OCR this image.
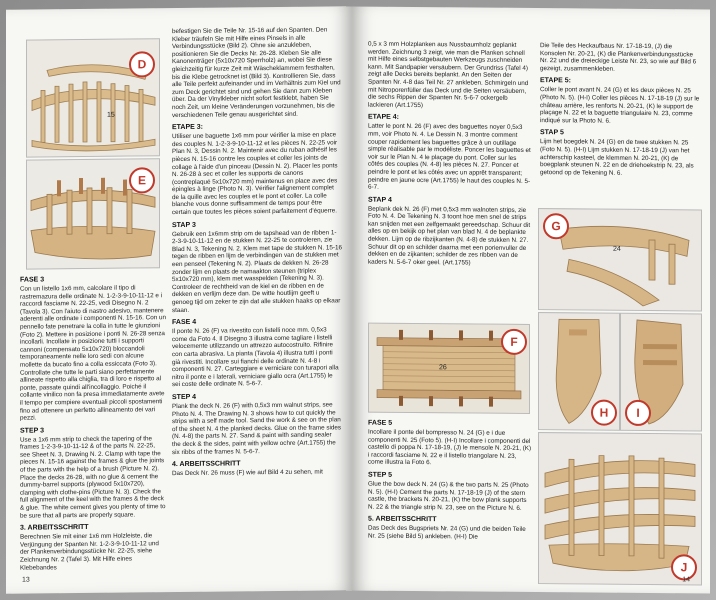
D
15
E
FASE 3

Con un listello 1x6 mm, calcolare il tipo di rastremazura delle ordinate N. 1-2-3-9-10-11-12 e i raccordi fasciame N. 22-25, vedi Disegno N. 2 (Tavola 3). Con l'aiuto di nastro adesivo, mantenere aderenti alle ordinate i componenti N. 15-16. Con un pennello fate penetrare la colla in tutte le giunzioni (Foto 2). Mettere in posizione i ponti N. 26-28 senza incollarli. Incollate in posizione tutti i supporti cannoni (compensato 5x10x720) bloccandoli temporaneamente nelle loro sedi con alcune mollette da bucato fino a colla essiccata (Foto 3). Controllate che tutte le parti siano perfettamente allineate rispetto alla chiglia, tra di loro e rispetto al ponte, passate quindi all'incollaggio. Poiché il collante vinilico non fa presa immediatamente avete il tempo per compiere eventuali piccoli spostamenti fino ad ottenere un perfetto allineamento dei vari pezzi.

STEP 3

Use a 1x6 mm strip to check the tapering of the frames 1-2-3-9-10-11-12 & of the parts N. 22-25, see Sheet N. 3, Drawing N. 2. Clamp with tape the pieces N. 15-16 against the frames & glue the joints of the parts with the help of a brush (Picture N. 2). Place the decks 26-28, with no glue & cement the dummy-barrel supports (plywood 5x10x720), clamping with clothe-pins (Picture N. 3). Check the full alignment of the keel with the frames & the deck & glue. The white cement gives you plenty of time to be sure that all parts are properly square.

3. ARBEITSSCHRITT

Berechnen Sie mit einer 1x6 mm Holzleiste, die Verjüngung der Spanten Nr. 1-2-3-9-10-11-12 und der Plankenverbindungsstücke Nr. 22-25, siehe Zeichnung Nr. 2 (Tafel 3). Mit Hilfe eines Klebebandes

befestigen Sie die Teile Nr. 15-16 auf den Spanten. Den Kleber träufeln Sie mit Hilfe eines Pinsels in alle Verbindungsstücke (Bild 2). Ohne sie anzukleben, positionieren Sie die Decks Nr. 26-28. Kleben Sie alle Kanonenträger (5x10x720 Sperrholz) an, wobei Sie diese gleichzeitig für kurze Zeit mit Wäscheklammern festhalten, bis die Klebe getrocknet ist (Bild 3). Kontrollieren Sie, dass alle Teile perfekt aufeinander und im Verhältnis zum Kiel und zum Deck gerichtet sind und gehen Sie dann zum Kleben über. Da der Vinylkleber nicht sofort festklebt, haben Sie noch Zeit, um kleine Veränderungen vorzunehmen, bis die verschiedenen Teile genau ausgerichtet sind.

ETAPE 3:

Utiliser une baguette 1x6 mm pour vérifier la mise en place des couples N. 1-2-3-9-10-11-12 et les pièces N. 22-25 voir Plan N. 3, Dessin N. 2. Maintenir avec du ruban adhésif les pièces N. 15-16 contre les couples et coller les joints de collage à l'aide d'un pinceau (Dessin N. 2). Placer les ponts N. 26-28 à sec et coller les supports de canons (contreplaqué 5x10x720 mm) maintenus en place avec des épingles à linge (Photo N. 3). Vérifier l'alignement complet de la quille avec les couples et le pont et coller. La colle blanche vous donne suffisamment de temps pour être certain que toutes les pièces soient parfaitement d'équerre.

STAP 3

Gebruik een 1x6mm strip om de tapshead van de ribben 1-2-3-9-10-11-12 en de stukken N. 22-25 te controleren, zie Blad N. 3, Tekening N. 2. Klem met tape de stukken N. 15-16 tegen de ribben en lijm de verbindingen van de stukken met een penseel (Tekening N. 2). Plaats de dekken N. 26-28 zonder lijm en plaats de namaakton steunen (triplex 5x10x720 mm), klem met wasspelden (Tekening N. 3). Controleer de rechtheid van de kiel en de ribben en de dekken en verlijm deze dan. De witte houtlijm geeft u genoeg tijd om zeker te zijn dat alle stukken haaks op elkaar staan.

FASE 4

Il ponte N. 26 (F) va rivestito con listelli noce mm. 0,5x3 come da Foto 4. Il Disegno 3 illustra come tagliare i listelli velocemente utilizzando un attrezzo autocostruito. Rifinire con carta abrasiva. La pianta (Tavola 4) illustra tutti i ponti già rivestiti. Incollare sui fianchi delle ordinate N. 4-8 i componenti N. 27. Carteggiare e verniciare con turapori alla nitro il ponte e i laterali, verniciare giallo ocra (Art.1755) le sei coste delle ordinate N. 5-6-7.

STEP 4

Plank the deck N. 26 (F) with 0,5x3 mm walnut strips, see Photo N. 4. The Drawing N. 3 shows how to cut quickly the strips with a self made tool. Sand the work & see on the plan of the sheet N. 4 the planked decks. Glue on the frame sides (N. 4-8) the parts N. 27. Sand & paint with sanding sealer the deck & the sides, paint with yellow ochre (Art.1755) the six ribbs of the frames N. 5-6-7.

4. ARBEITSSCHRITT

Das Deck Nr. 26 muss (F) wie auf Bild 4 zu sehen, mit

13

0,5 x 3 mm Holzplanken aus Nussbaumholz geplankt werden. Zeichnung 3 zeigt, wie man die Planken schnell mit Hilfe eines selbstgebauten Werkzeugs zuschneiden kann. Mit Sandpapier versäubern. Der Grundriss (Tafel 4) zeigt alle Decks bereits beplankt. An den Seiten der Spanten Nr. 4-8 das Teil Nr. 27 ankleben. Schmirgeln und mit Nitroporenfüller das Deck und die Seiten versäubern, die sechs Rippen der Spanten Nr. 5-6-7 ockergelb lackieren (Art.1755)

ETAPE 4:

Latter le pont N. 26 (F) avec des baguettes noyer 0,5x3 mm, voir Photo N. 4. Le Dessin N. 3 montre comment couper rapidement les baguettes grâce à un outillage simple réalisable par le modéliste. Poncer les baguettes et voir sur le Plan N. 4 le plaçage du pont. Coller sur les côtés des couples (N. 4-8) les pièces N. 27. Poncer et peindre le pont et les côtés avec un apprêt transparent; peindre en jaune ocre (Art.1755) le haut des couples N. 5-6-7.

STAP 4

Beplank dek N. 26 (F) met 0,5x3 mm walnoten strips, zie Foto N. 4. De Tekening N. 3 toont hoe men snel de strips kan snijden met een zelfgemaakt gereedschap. Schuur dit alles op en bekijk op het plan van blad N. 4 de beplankte dekken. Lijm op de ribzijkanten (N. 4-8) de stukken N. 27. Schuur dit op en schilder daarna met een porienvuller de dekken en de zijkanten; schilder de zes ribben van de kaders N. 5-6-7 oker geel. (Art.1755)

F
26
FASE 5

Incollare il ponte del bompresso N. 24 (G) e i due componenti N. 25 (Foto 5). (H-I) Incollare i componenti del castello di poppa N. 17-18-19, (J) le mensole N. 20-21, (K) i raccordi fasciame N. 22 e il listello triangolare N. 23, come illustra la Foto 6.

STEP 5

Glue the bow deck N. 24 (G) & the two parts N. 25 (Photo N. 5). (H-I) Cement the parts N. 17-18-19 (J) of the stern castle, the brackets N. 20-21, (K) the bow plank supports N. 22 & the triangle strip N. 23, see on the Picture N. 6.

5. ARBEITSSCHRITT

Das Deck des Bugspriets Nr. 24 (G) und die beiden Teile Nr. 25 (siehe Bild 5) ankleben. (H-I) Die

Die Teile des Heckaufbaus Nr. 17-18-19, (J) die Konsolen Nr. 20-21, (K) die Plankenverbindungsstücke Nr. 22 und die dreieckige Leiste Nr. 23, so wie auf Bild 6 gezeigt, zusammenkleben.

ETAPE 5:

Coller le pont avant N. 24 (G) et les deux pièces N. 25 (Photo N. 5). (H-I) Coller les pièces N. 17-18-19 (J) sur le château arrière, les renforts N. 20-21, (K) le support de plaçage N. 22 et la baguette triangulaire N. 23, comme indiqué sur la Photo N. 6.

STAP 5

Lijm het boegdek N. 24 (G) en de twee stukken N. 25 (Foto N. 5). (H-I) Lijm stukken N. 17-18-19 (J) van het achterschip kasteel, de klemmen N. 20-21, (K) de boegplank steunen N. 22 en de driehoekstrip N. 23, als getoond op de Tekening N. 6.

G
24
H	I
J
14
